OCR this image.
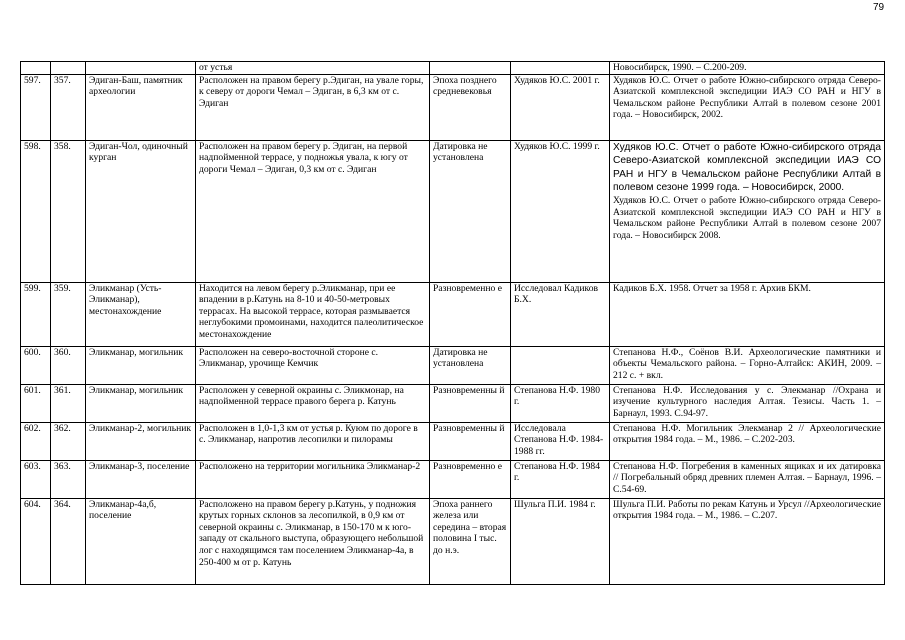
79
			от устья			Новосибирск, 1990. – С.200-209.
597.	357.	Эдиган-Баш, памятник археологии	Расположен на правом берегу р.Эдиган, на увале горы, к северу от дороги Чемал – Эдиган, в 6,3 км от с. Эдиган	Эпоха позднего средневековья	Худяков Ю.С. 2001 г.	Худяков Ю.С. Отчет о работе Южно-сибирского отряда Северо-Азиатской комплексной экспедиции ИАЭ СО РАН и НГУ в Чемальском районе Республики Алтай в полевом сезоне 2001 года. – Новосибирск, 2002.

598.	358.	Эдиган-Чол, одиночный курган	Расположен на правом берегу р. Эдиган, на первой надпойменной террасе, у подножья увала, к югу от дороги Чемал – Эдиган, 0,3 км от с. Эдиган	Датировка не установлена	Худяков Ю.С. 1999 г.	Худяков Ю.С. Отчет о работе Южно-сибирского отряда Северо-Азиатской комплексной экспедиции ИАЭ СО РАН и НГУ в Чемальском районе Республики Алтай в полевом сезоне 1999 года. – Новосибирск, 2000.
Худяков Ю.С. Отчет о работе Южно-сибирского отряда Северо-Азиатской комплексной экспедиции ИАЭ СО РАН и НГУ в Чемальском районе Республики Алтай в полевом сезоне 2007 года. – Новосибирск 2008.

599.	359.	Эликманар (Усть-Эликманар), местонахождение	Находится на левом берегу р.Эликманар, при ее впадении в р.Катунь на 8-10 и 40-50-метровых террасах. На высокой террасе, которая размывается неглубокими промоинами, находится палеолитическое местонахождение	Разновременно е	Исследовал Кадиков Б.Х.	Кадиков Б.Х. 1958. Отчет за 1958 г. Архив БКМ.

600.	360.	Эликманар, могильник	Расположен на северо-восточной стороне с. Эликманар, урочище Кемчик	Датировка не установлена		Степанова Н.Ф., Соёнов В.И. Археологические памятники и объекты Чемальского района. – Горно-Алтайск: АКИН, 2009. – 212 с. + вкл.

601.	361.	Эликманар, могильник	Расположен у северной окраины с. Эликмонар, на надпойменной террасе правого берега р. Катунь	Разновременны й	Степанова Н.Ф. 1980 г.	Степанова Н.Ф. Исследования у с. Элекманар //Охрана и изучение культурного наследия Алтая. Тезисы. Часть 1. – Барнаул, 1993. С.94-97.

602.	362.	Эликманар-2, могильник	Расположен в 1,0-1,3 км от устья р. Куюм по дороге в с. Эликманар, напротив лесопилки и пилорамы	Разновременны й	Исследовала Степанова Н.Ф. 1984-1988 гг.	Степанова Н.Ф. Могильник Элекманар 2 // Археологические открытия 1984 года. – М., 1986. – С.202-203.

603.	363.	Эликманар-3, поселение	Расположено на территории могильника Эликманар-2	Разновременно е	Степанова Н.Ф. 1984 г.	Степанова Н.Ф. Погребения в каменных ящиках и их датировка // Погребальный обряд древних племен Алтая. – Барнаул, 1996. – С.54-69.

604.	364.	Эликманар-4а,б, поселение	Расположено на правом берегу р.Катунь, у подножия крутых горных склонов за лесопилкой, в 0,9 км от северной окраины с. Эликманар, в 150-170 м к юго-западу от скального выступа, образующего небольшой лог с находящимся там поселением Эликманар-4а, в 250-400 м от р. Катунь	Эпоха раннего железа или середина – вторая половина I тыс. до н.э.	Шульга П.И. 1984 г.	Шульга П.И. Работы по рекам Катунь и Урсул //Археологические открытия 1984 года. – М., 1986. – С.207.
